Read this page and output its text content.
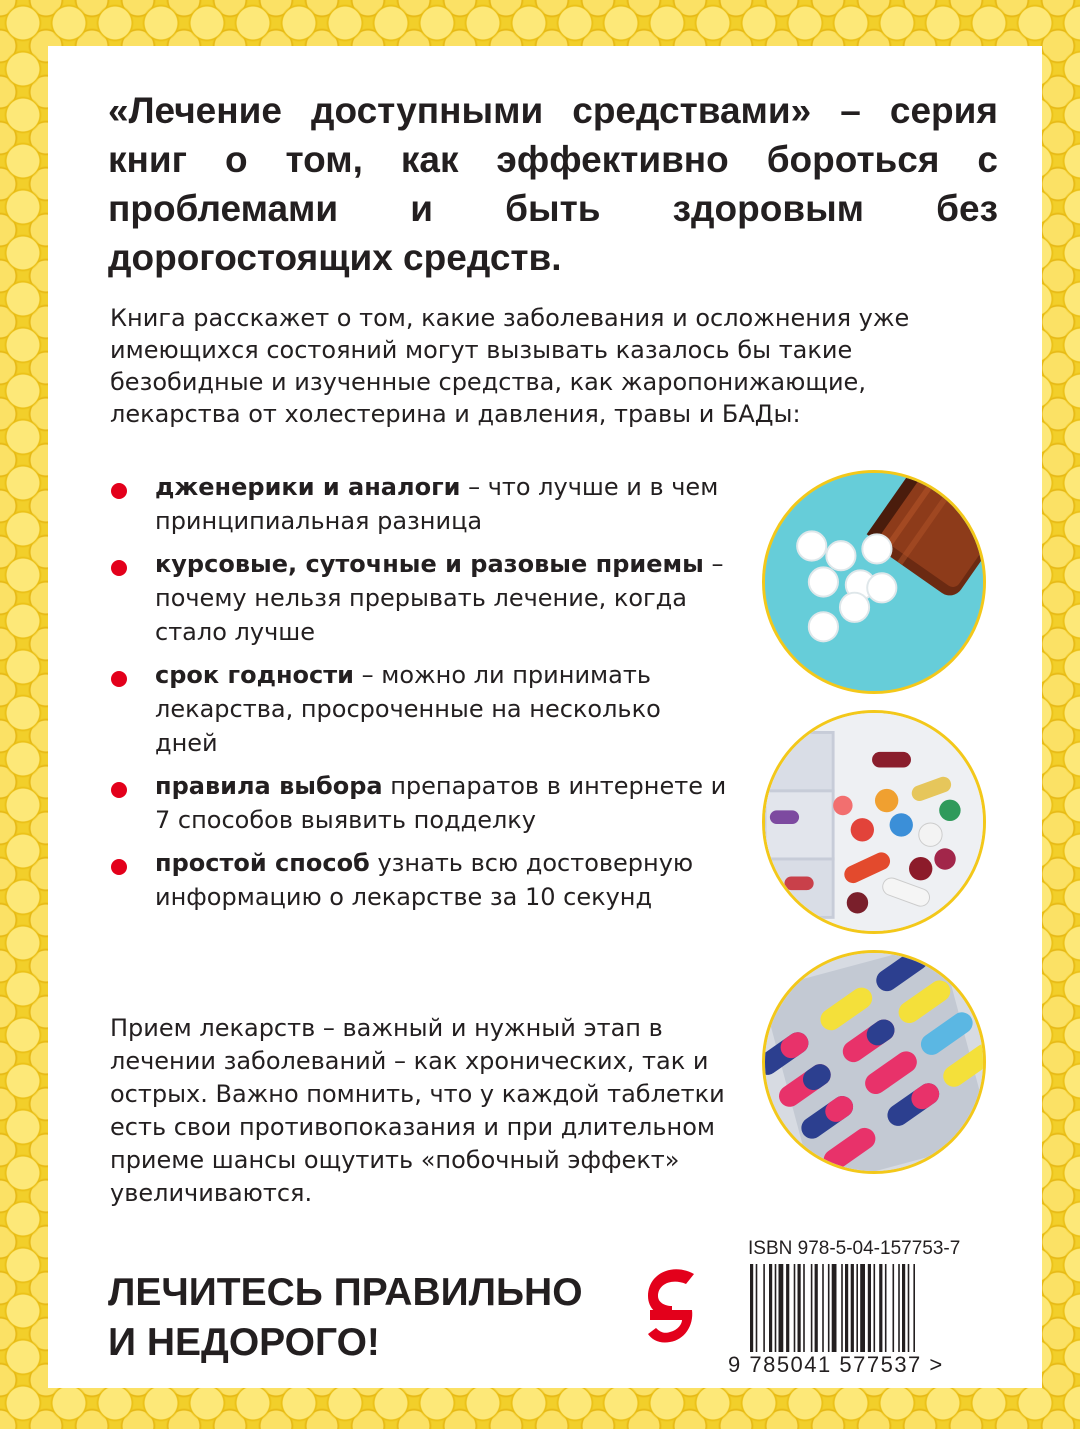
«Лечение доступными средствами» – серия книг о том, как эффективно бороться с проблемами и быть здоровым без дорогостоящих средств.

Книга расскажет о том, какие заболевания и осложнения уже имеющихся состояний могут вызывать казалось бы такие безобидные и изученные средства, как жаропонижающие, лекарства от холестерина и давления, травы и БАДы:

дженерики и аналоги – что лучше и в чем принципиальная разница
курсовые, суточные и разовые приемы – почему нельзя прерывать лечение, когда стало лучше
срок годности – можно ли принимать лекарства, просроченные на несколько дней
правила выбора препаратов в интернете и 7 способов выявить подделку
простой способ узнать всю достоверную информацию о лекарстве за 10 секунд

Прием лекарств – важный и нужный этап в лечении заболеваний – как хронических, так и острых. Важно помнить, что у каждой таблетки есть свои противопоказания и при длительном приеме шансы ощутить «побочный эффект» увеличиваются.

ЛЕЧИТЕСЬ ПРАВИЛЬНО
И НЕДОРОГО!
ISBN 978-5-04-157753-7
9 785041 577537 >
